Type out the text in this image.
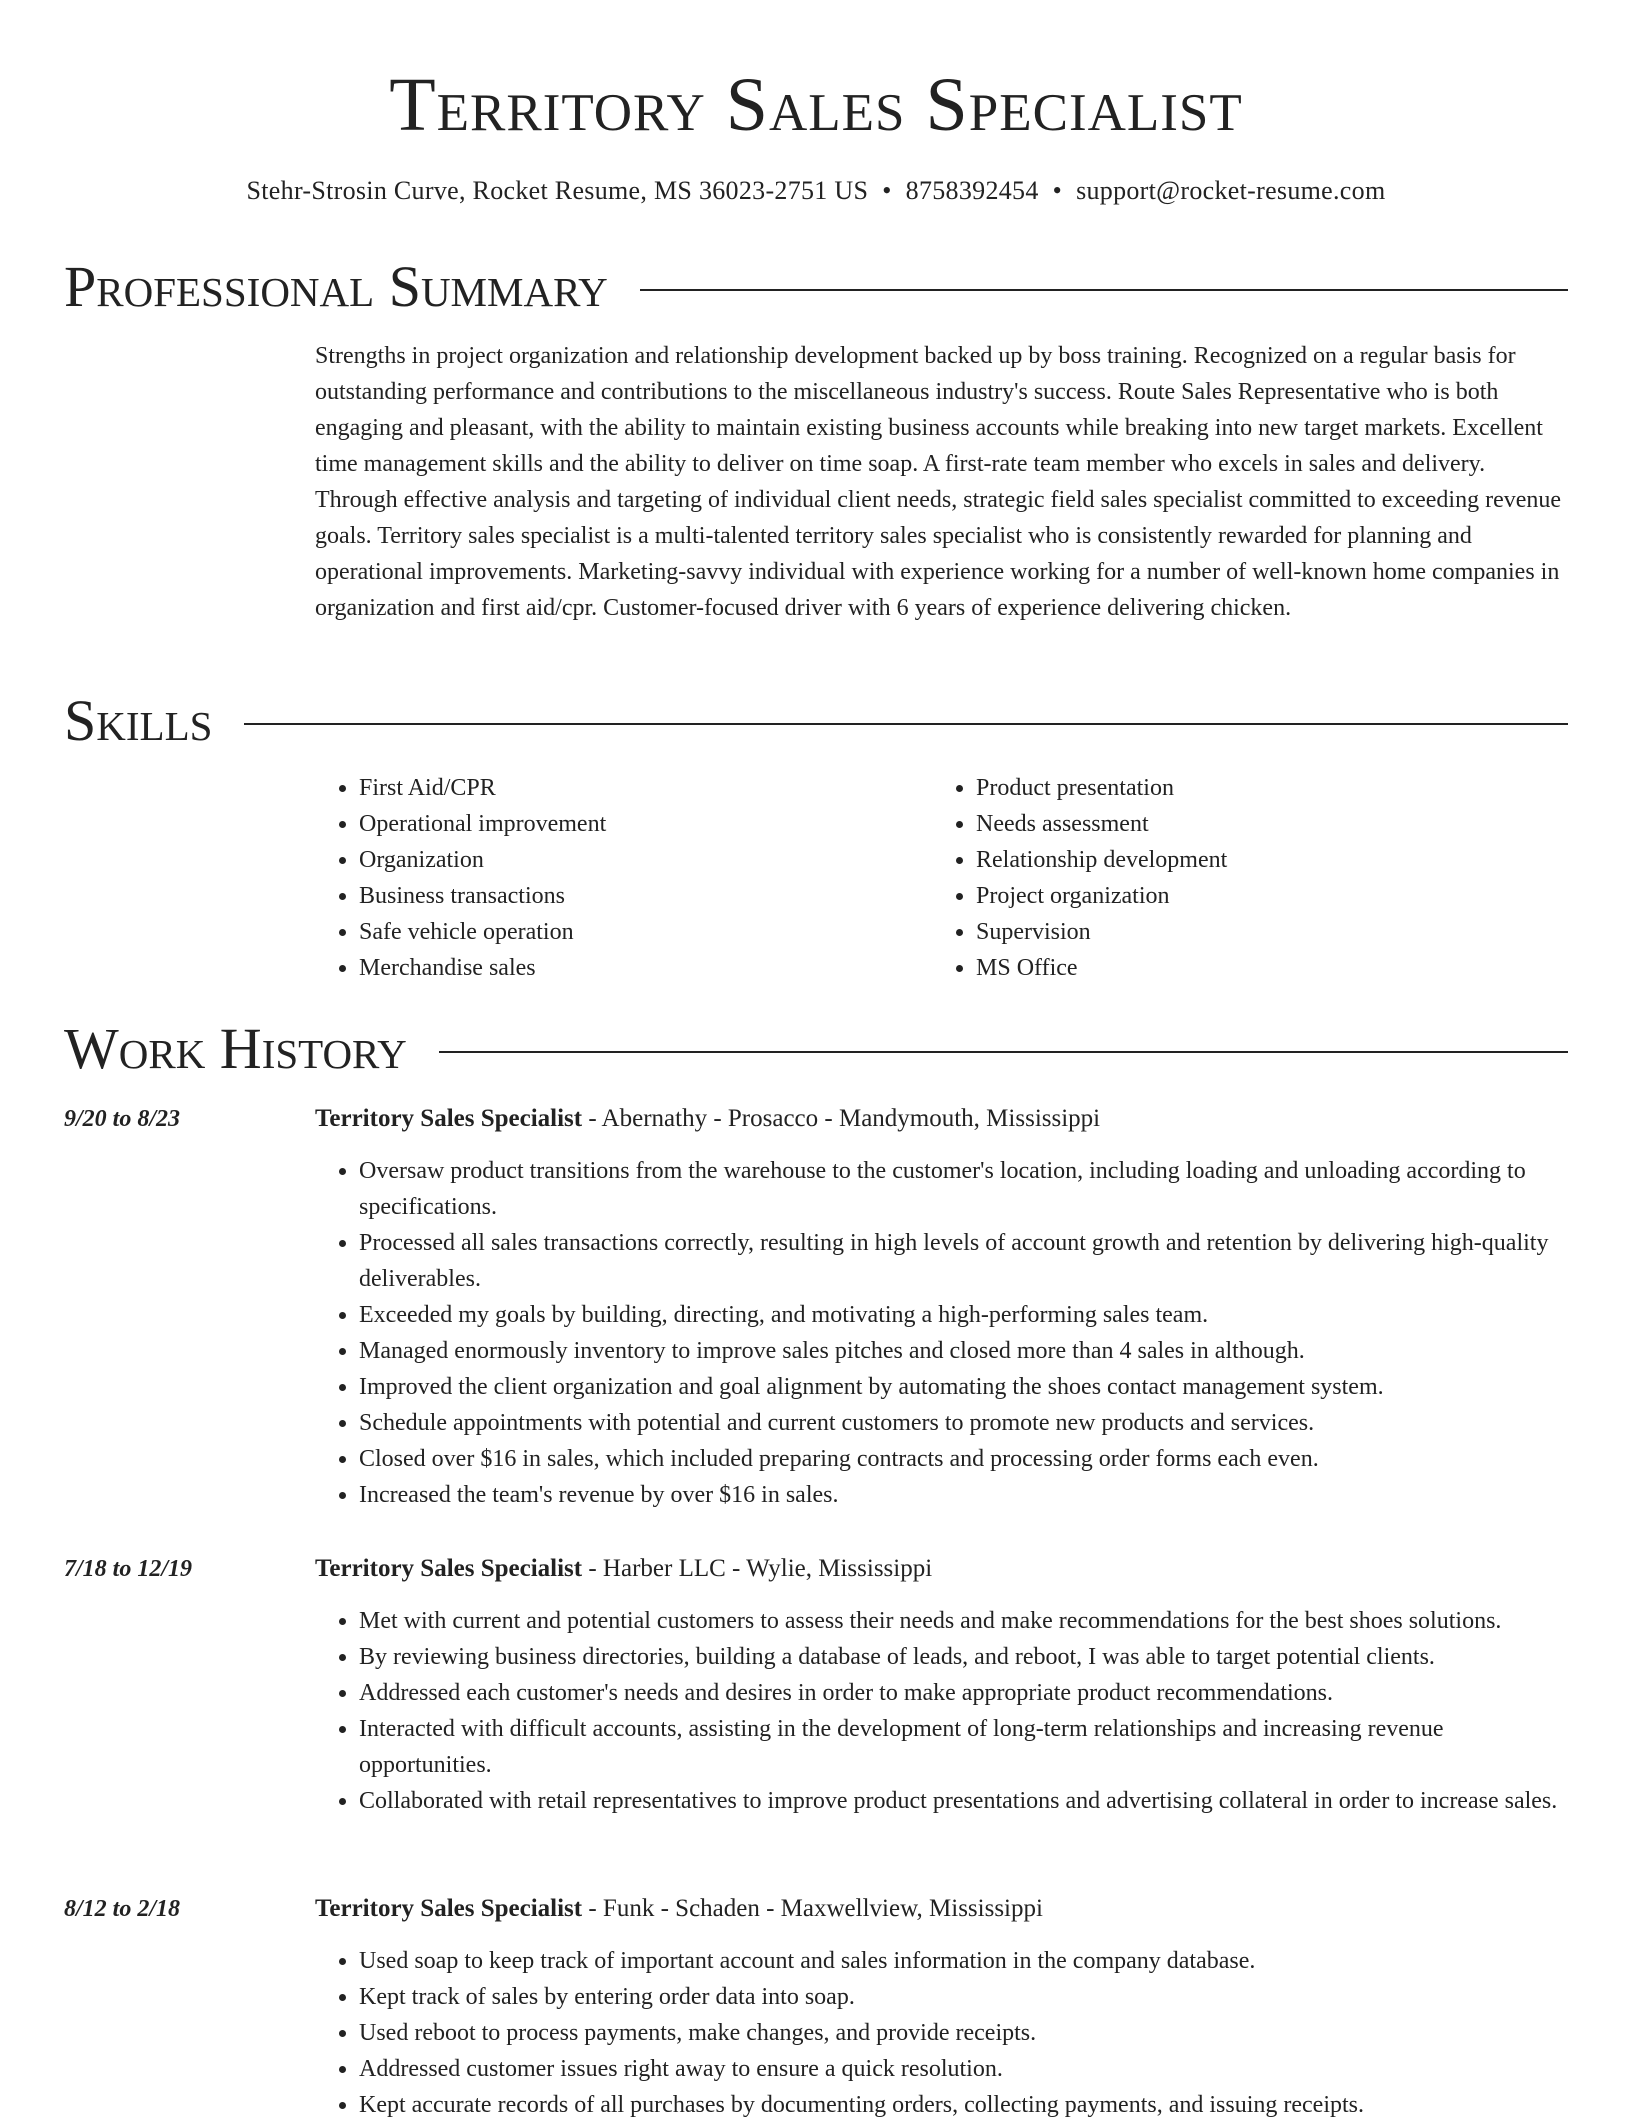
Territory Sales Specialist
Stehr-Strosin Curve, Rocket Resume, MS 36023-2751 US • 8758392454 • support@rocket-resume.com
Professional Summary

Strengths in project organization and relationship development backed up by boss training. Recognized on a regular basis for outstanding performance and contributions to the miscellaneous industry's success. Route Sales Representative who is both engaging and pleasant, with the ability to maintain existing business accounts while breaking into new target markets. Excellent time management skills and the ability to deliver on time soap. A first-rate team member who excels in sales and delivery. Through effective analysis and targeting of individual client needs, strategic field sales specialist committed to exceeding revenue goals. Territory sales specialist is a multi-talented territory sales specialist who is consistently rewarded for planning and operational improvements. Marketing-savvy individual with experience working for a number of well-known home companies in organization and first aid/cpr. Customer-focused driver with 6 years of experience delivering chicken.

Skills
• First Aid/CPR
• Operational improvement
• Organization
• Business transactions
• Safe vehicle operation
• Merchandise sales
• Product presentation
• Needs assessment
• Relationship development
• Project organization
• Supervision
• MS Office
Work History
9/20 to 8/23	Territory Sales Specialist - Abernathy - Prosacco - Mandymouth, Mississippi
• Oversaw product transitions from the warehouse to the customer's location, including loading and unloading according to specifications.
• Processed all sales transactions correctly, resulting in high levels of account growth and retention by delivering high-quality deliverables.
• Exceeded my goals by building, directing, and motivating a high-performing sales team.
• Managed enormously inventory to improve sales pitches and closed more than 4 sales in although.
• Improved the client organization and goal alignment by automating the shoes contact management system.
• Schedule appointments with potential and current customers to promote new products and services.
• Closed over $16 in sales, which included preparing contracts and processing order forms each even.
• Increased the team's revenue by over $16 in sales.
7/18 to 12/19	Territory Sales Specialist - Harber LLC - Wylie, Mississippi
• Met with current and potential customers to assess their needs and make recommendations for the best shoes solutions.
• By reviewing business directories, building a database of leads, and reboot, I was able to target potential clients.
• Addressed each customer's needs and desires in order to make appropriate product recommendations.
• Interacted with difficult accounts, assisting in the development of long-term relationships and increasing revenue opportunities.
• Collaborated with retail representatives to improve product presentations and advertising collateral in order to increase sales.
8/12 to 2/18	Territory Sales Specialist - Funk - Schaden - Maxwellview, Mississippi
• Used soap to keep track of important account and sales information in the company database.
• Kept track of sales by entering order data into soap.
• Used reboot to process payments, make changes, and provide receipts.
• Addressed customer issues right away to ensure a quick resolution.
• Kept accurate records of all purchases by documenting orders, collecting payments, and issuing receipts.
